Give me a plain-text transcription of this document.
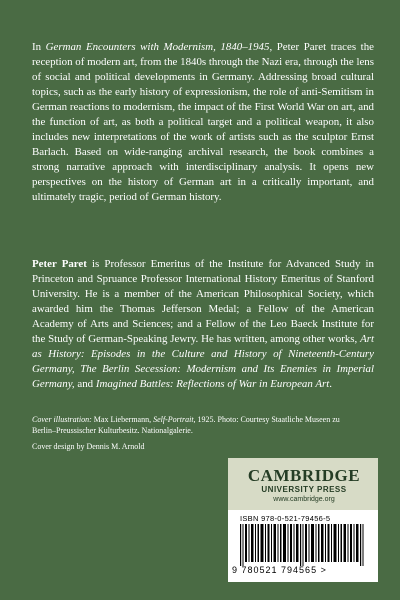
In German Encounters with Modernism, 1840–1945, Peter Paret traces the reception of modern art, from the 1840s through the Nazi era, through the lens of social and political developments in Germany. Addressing broad cultural topics, such as the early history of expressionism, the role of anti-Semitism in German reactions to modernism, the impact of the First World War on art, and the function of art, as both a political target and a political weapon, it also includes new interpretations of the work of artists such as the sculptor Ernst Barlach. Based on wide-ranging archival research, the book combines a strong narrative approach with interdisciplinary analysis. It opens new perspectives on the history of German art in a critically important, and ultimately tragic, period of German history.

Peter Paret is Professor Emeritus of the Institute for Advanced Study in Princeton and Spruance Professor International History Emeritus of Stanford University. He is a member of the American Philosophical Society, which awarded him the Thomas Jefferson Medal; a Fellow of the American Academy of Arts and Sciences; and a Fellow of the Leo Baeck Institute for the Study of German-Speaking Jewry. He has written, among other works, Art as History: Episodes in the Culture and History of Nineteenth-Century Germany, The Berlin Secession: Modernism and Its Enemies in Imperial Germany, and Imagined Battles: Reflections of War in European Art.

Cover illustration: Max Liebermann, Self-Portrait, 1925. Photo: Courtesy Staatliche Museen zu Berlin–Preussischer Kulturbesitz. Nationalgalerie.

Cover design by Dennis M. Arnold

CAMBRIDGE
UNIVERSITY PRESS
www.cambridge.org
ISBN 978-0-521-79456-5
9 780521 794565 >
